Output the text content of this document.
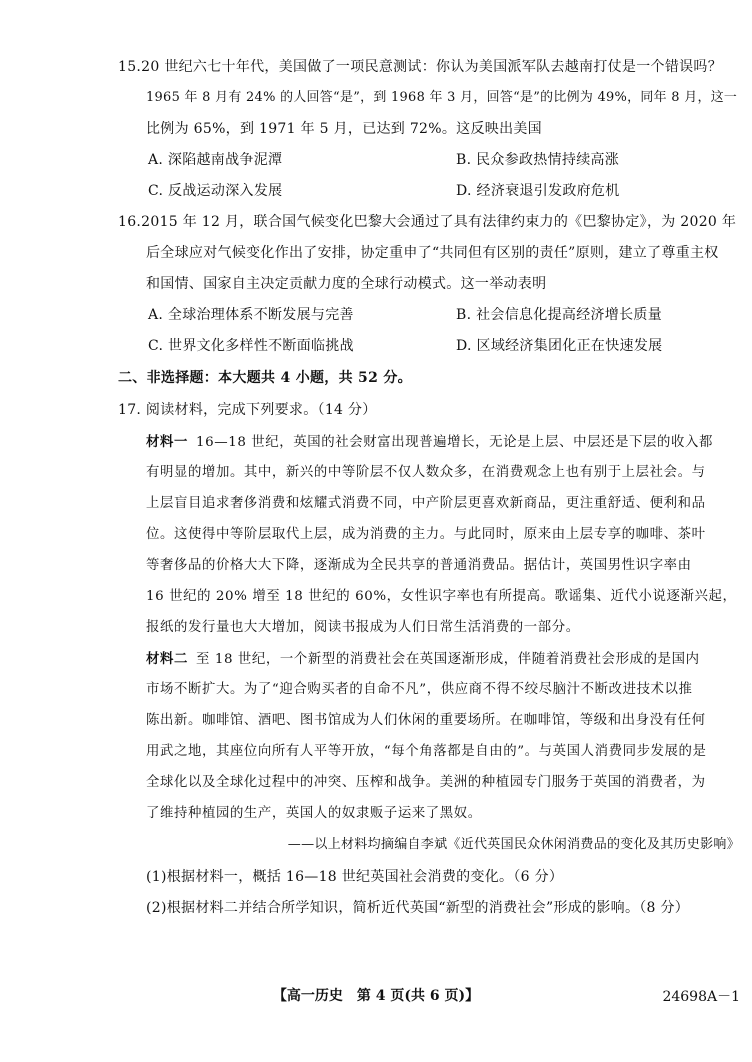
15.20 世纪六七十年代，美国做了一项民意测试：你认为美国派军队去越南打仗是一个错误吗？
1965 年 8 月有 24% 的人回答“是”，到 1968 年 3 月，回答“是”的比例为 49%，同年 8 月，这一
比例为 65%，到 1971 年 5 月，已达到 72%。这反映出美国
A. 深陷越南战争泥潭	B. 民众参政热情持续高涨
C. 反战运动深入发展	D. 经济衰退引发政府危机
16.2015 年 12 月，联合国气候变化巴黎大会通过了具有法律约束力的《巴黎协定》，为 2020 年
后全球应对气候变化作出了安排，协定重申了“共同但有区别的责任”原则，建立了尊重主权
和国情、国家自主决定贡献力度的全球行动模式。这一举动表明
A. 全球治理体系不断发展与完善	B. 社会信息化提高经济增长质量
C. 世界文化多样性不断面临挑战	D. 区域经济集团化正在快速发展
二、非选择题：本大题共 4 小题，共 52 分。
17. 阅读材料，完成下列要求。（14 分）
材料一 16—18 世纪，英国的社会财富出现普遍增长，无论是上层、中层还是下层的收入都
有明显的增加。其中，新兴的中等阶层不仅人数众多，在消费观念上也有别于上层社会。与
上层盲目追求奢侈消费和炫耀式消费不同，中产阶层更喜欢新商品，更注重舒适、便利和品
位。这使得中等阶层取代上层，成为消费的主力。与此同时，原来由上层专享的咖啡、茶叶
等奢侈品的价格大大下降，逐渐成为全民共享的普通消费品。据估计，英国男性识字率由
16 世纪的 20% 增至 18 世纪的 60%，女性识字率也有所提高。歌谣集、近代小说逐渐兴起，
报纸的发行量也大大增加，阅读书报成为人们日常生活消费的一部分。
材料二 至 18 世纪，一个新型的消费社会在英国逐渐形成，伴随着消费社会形成的是国内
市场不断扩大。为了“迎合购买者的自命不凡”，供应商不得不绞尽脑汁不断改进技术以推
陈出新。咖啡馆、酒吧、图书馆成为人们休闲的重要场所。在咖啡馆，等级和出身没有任何
用武之地，其座位向所有人平等开放，“每个角落都是自由的”。与英国人消费同步发展的是
全球化以及全球化过程中的冲突、压榨和战争。美洲的种植园专门服务于英国的消费者，为
了维持种植园的生产，英国人的奴隶贩子运来了黑奴。
——以上材料均摘编自李斌《近代英国民众休闲消费品的变化及其历史影响》
(1)根据材料一，概括 16—18 世纪英国社会消费的变化。（6 分）
(2)根据材料二并结合所学知识，简析近代英国“新型的消费社会”形成的影响。（8 分）
【高一历史　第 4 页(共 6 页)】	24698A－1
